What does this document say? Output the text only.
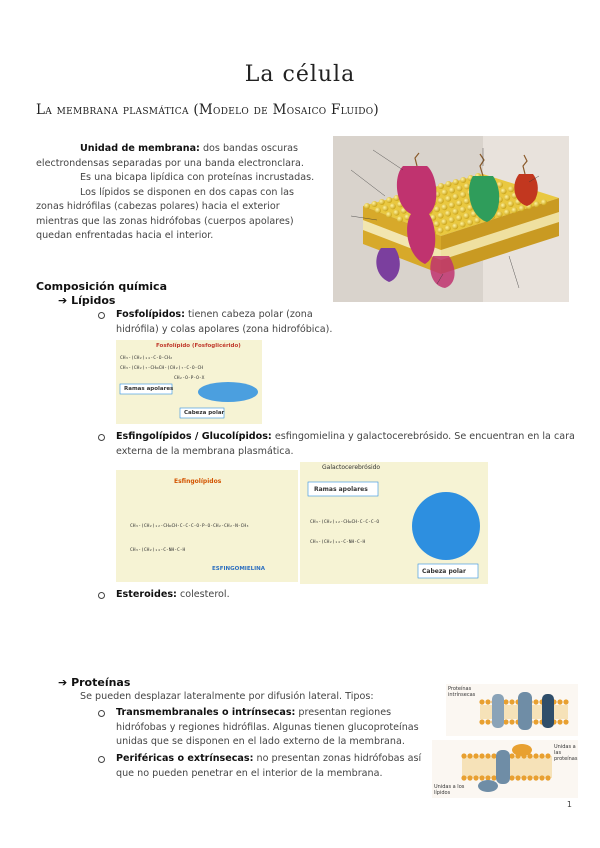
La célula
La membrana plasmática (Modelo de Mosaico Fluido)
Unidad de membrana: dos bandas oscuras
electrondensas separadas por una banda electronclara.
Es una bicapa lipídica con proteínas incrustadas.
Los lípidos se disponen en dos capas con las
zonas hidrófilas (cabezas polares) hacia el exterior
mientras que las zonas hidrófobas (cuerpos apolares)
quedan enfrentadas hacia el interior.
Composición química
➔ Lípidos
Fosfolípidos: tienen cabeza polar (zona
hidrófila) y colas apolares (zona hidrofóbica).
Fosfolípido (Fosfoglicérido)
CH₃-(CH₂)₁₄-C-O-CH₂
CH₃-(CH₂)₇-CH=CH-(CH₂)₇-C-O-CH
CH₂-O-P-O-X
Ramas apolares
Cabeza polar
Esfingolípidos / Glucolípidos: esfingomielina y galactocerebrósido. Se encuentran en la cara
externa de la membrana plasmática.
Esfingolípidos
CH₃-(CH₂)₁₂-CH=CH-C-C-C-O-P-O-CH₂-CH₂-N-CH₃
CH₃-(CH₂)₁₄-C-NH-C-H
ESFINGOMIELINA
Galactocerebrósido
Ramas apolares
CH₃-(CH₂)₁₂-CH=CH-C-C-C-O
CH₃-(CH₂)₁₄-C-NH-C-H
Cabeza polar
Esteroides: colesterol.
➔ Proteínas
Se pueden desplazar lateralmente por difusión lateral. Tipos:
Transmembranales o intrínsecas: presentan regiones
hidrófobas y regiones hidrófilas. Algunas tienen glucoproteínas
unidas que se disponen en el lado externo de la membrana.
Periféricas o extrínsecas: no presentan zonas hidrófobas así
que no pueden penetrar en el interior de la membrana.
Proteínas intrínsecas
Unidas a las proteínas
Unidas a los lípidos
1
